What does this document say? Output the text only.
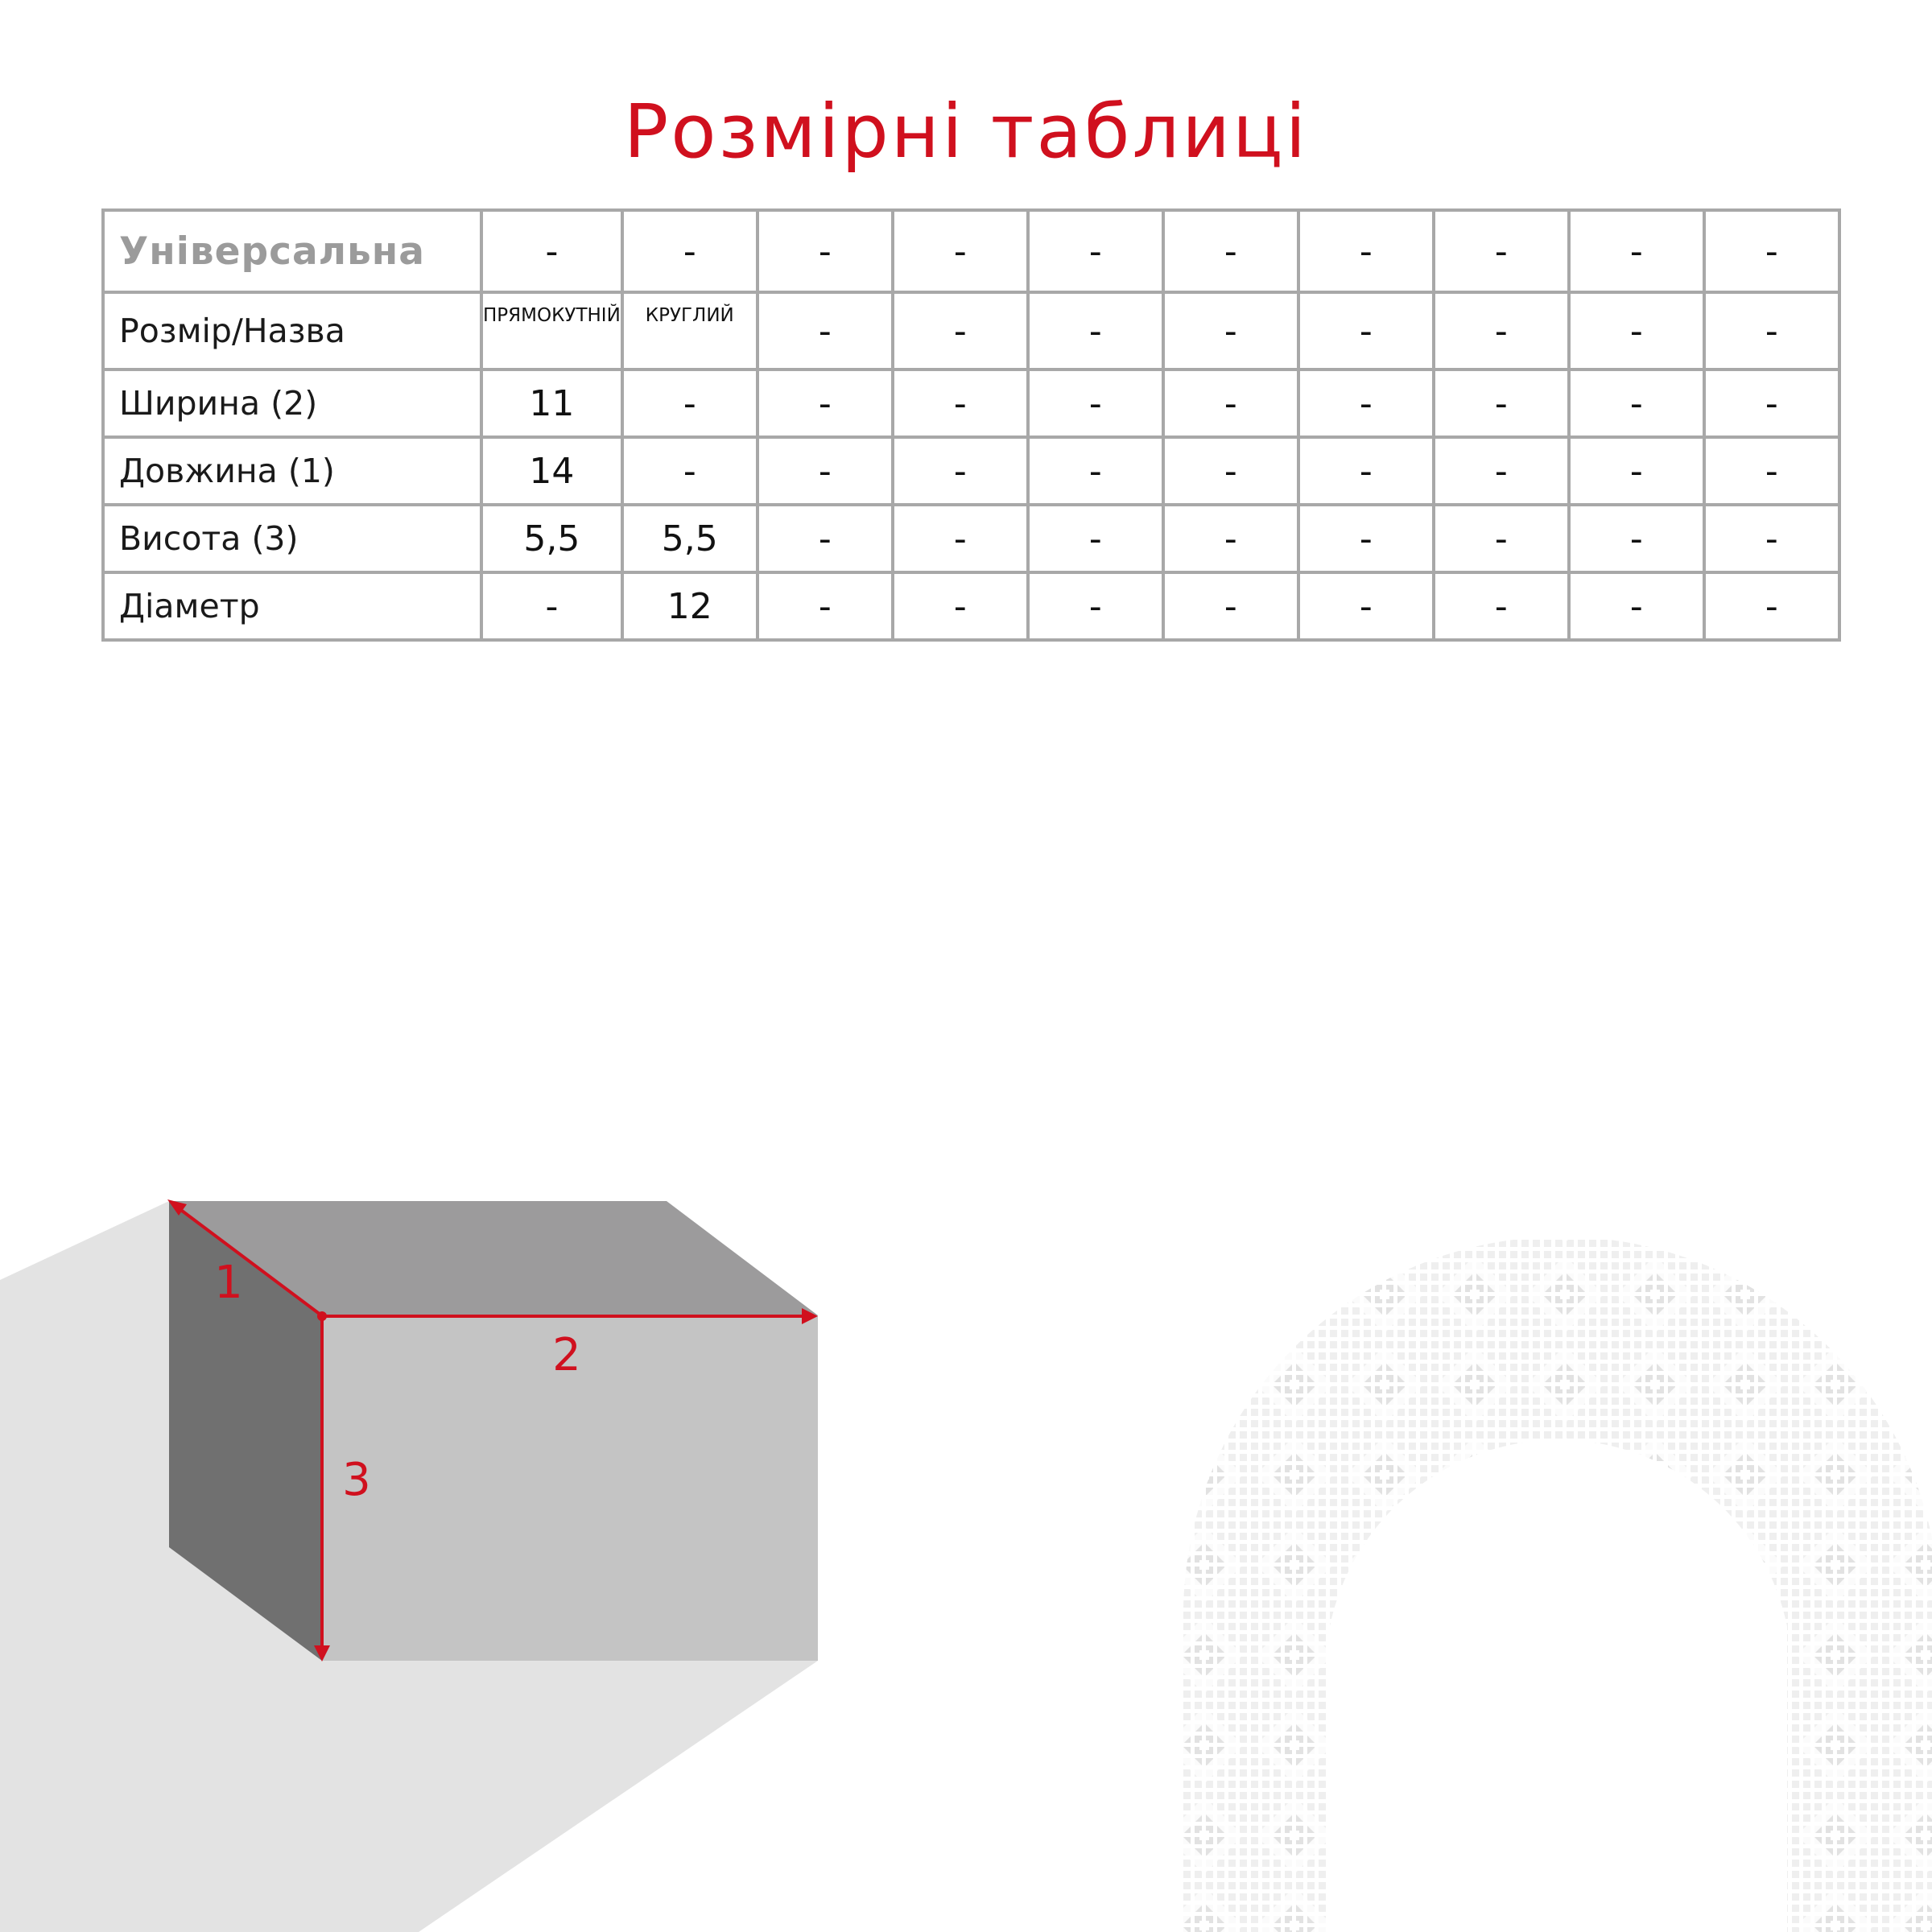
Розмірні таблиці
Універсальна	-	-	-	-	-	-	-	-	-	-
Розмір/Назва	ПРЯМОКУТНІЙ	КРУГЛИЙ	-	-	-	-	-	-	-	-
Ширина (2)	11	-	-	-	-	-	-	-	-	-
Довжина (1)	14	-	-	-	-	-	-	-	-	-
Висота (3)	5,5	5,5	-	-	-	-	-	-	-	-
Діаметр	-	12	-	-	-	-	-	-	-	-
1
2
3
